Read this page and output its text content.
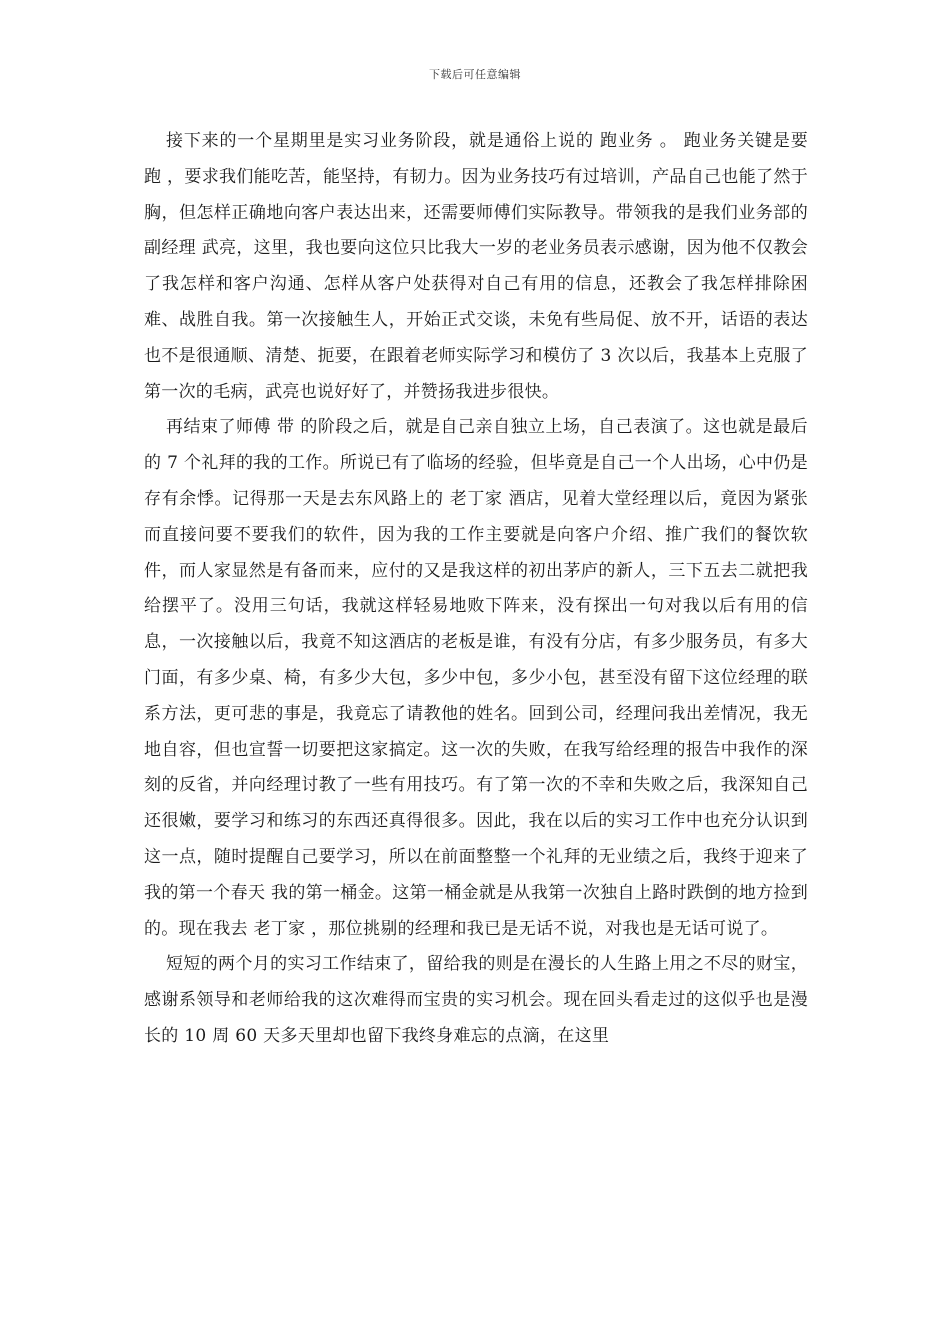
下载后可任意编辑

接下来的一个星期里是实习业务阶段，就是通俗上说的 跑业务 。 跑业务关键是要 跑 ，要求我们能吃苦，能坚持，有韧力。因为业务技巧有过培训，产品自己也能了然于胸，但怎样正确地向客户表达出来，还需要师傅们实际教导。带领我的是我们业务部的副经理 武亮，这里，我也要向这位只比我大一岁的老业务员表示感谢，因为他不仅教会了我怎样和客户沟通、怎样从客户处获得对自己有用的信息，还教会了我怎样排除困难、战胜自我。第一次接触生人，开始正式交谈，未免有些局促、放不开，话语的表达也不是很通顺、清楚、扼要，在跟着老师实际学习和模仿了 3 次以后，我基本上克服了第一次的毛病，武亮也说好好了，并赞扬我进步很快。

再结束了师傅 带 的阶段之后，就是自己亲自独立上场，自己表演了。这也就是最后的 7 个礼拜的我的工作。所说已有了临场的经验，但毕竟是自己一个人出场，心中仍是存有余悸。记得那一天是去东风路上的 老丁家 酒店，见着大堂经理以后，竟因为紧张而直接问要不要我们的软件，因为我的工作主要就是向客户介绍、推广我们的餐饮软件，而人家显然是有备而来，应付的又是我这样的初出茅庐的新人，三下五去二就把我给摆平了。没用三句话，我就这样轻易地败下阵来，没有探出一句对我以后有用的信息，一次接触以后，我竟不知这酒店的老板是谁，有没有分店，有多少服务员，有多大门面，有多少桌、椅，有多少大包，多少中包，多少小包，甚至没有留下这位经理的联系方法，更可悲的事是，我竟忘了请教他的姓名。回到公司，经理问我出差情况，我无地自容，但也宣誓一切要把这家搞定。这一次的失败，在我写给经理的报告中我作的深刻的反省，并向经理讨教了一些有用技巧。有了第一次的不幸和失败之后，我深知自己还很嫩，要学习和练习的东西还真得很多。因此，我在以后的实习工作中也充分认识到这一点，随时提醒自己要学习，所以在前面整整一个礼拜的无业绩之后，我终于迎来了我的第一个春天 我的第一桶金。这第一桶金就是从我第一次独自上路时跌倒的地方捡到的。现在我去 老丁家 ，那位挑剔的经理和我已是无话不说，对我也是无话可说了。

短短的两个月的实习工作结束了，留给我的则是在漫长的人生路上用之不尽的财宝，感谢系领导和老师给我的这次难得而宝贵的实习机会。现在回头看走过的这似乎也是漫长的 10 周 60 天多天里却也留下我终身难忘的点滴，在这里
